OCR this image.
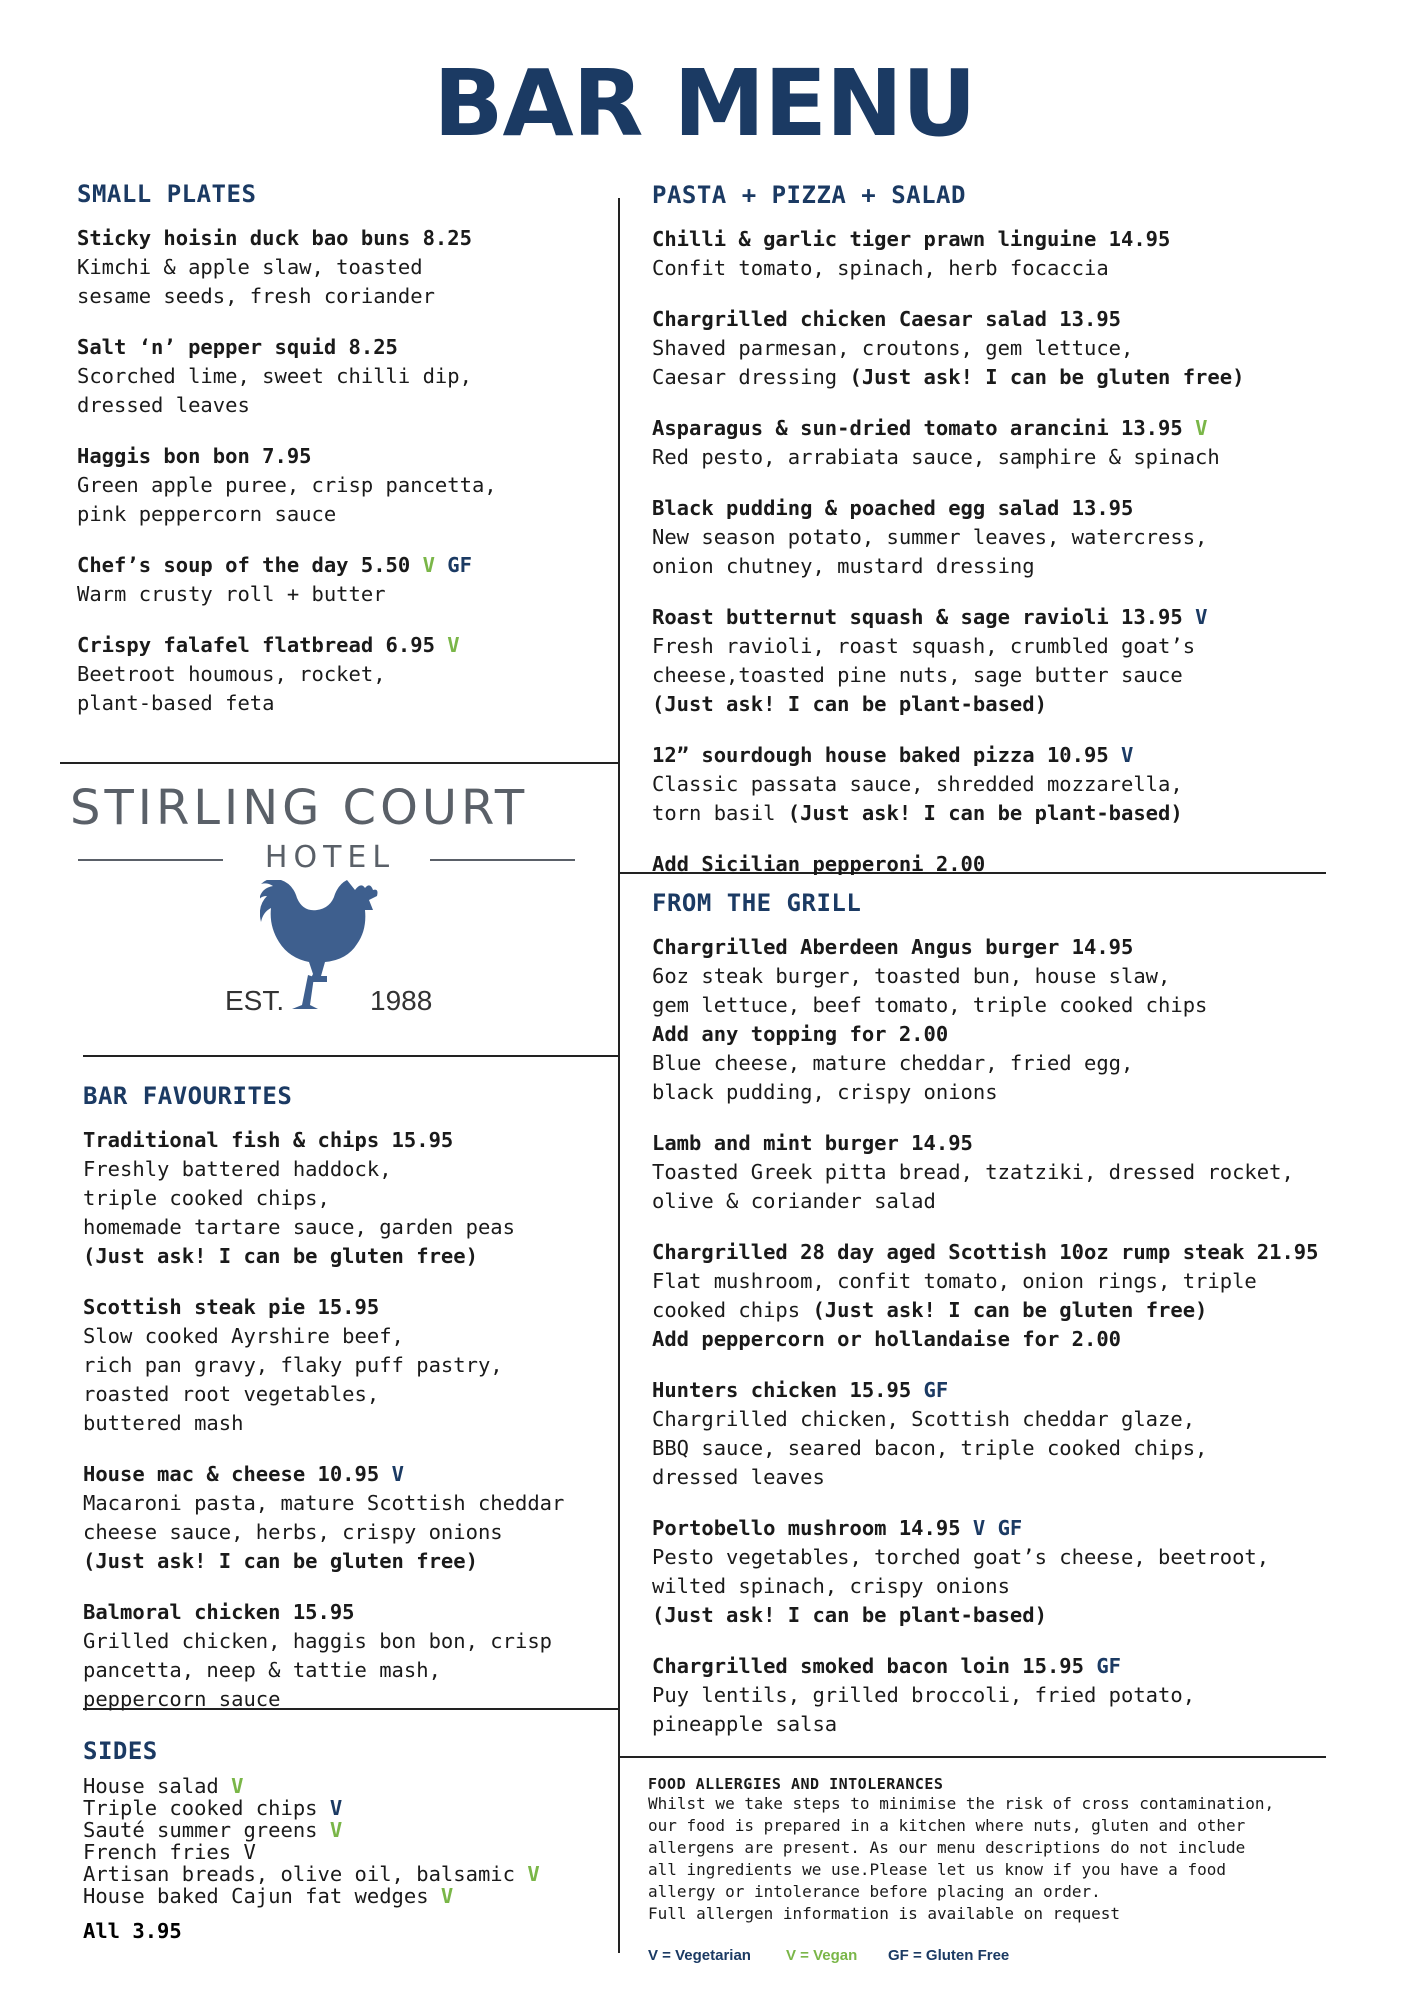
BAR MENU
SMALL PLATES
Sticky hoisin duck bao buns 8.25
Kimchi & apple slaw, toasted
sesame seeds, fresh coriander
Salt ‘n’ pepper squid 8.25
Scorched lime, sweet chilli dip,
dressed leaves
Haggis bon bon 7.95
Green apple puree, crisp pancetta,
pink peppercorn sauce
Chef’s soup of the day 5.50 V GF
Warm crusty roll + butter
Crispy falafel flatbread 6.95 V
Beetroot houmous, rocket,
plant-based feta
STIRLING COURT
HOTEL
EST.	1988
BAR FAVOURITES
Traditional fish & chips 15.95
Freshly battered haddock,
triple cooked chips,
homemade tartare sauce, garden peas
(Just ask! I can be gluten free)
Scottish steak pie 15.95
Slow cooked Ayrshire beef,
rich pan gravy, flaky puff pastry,
roasted root vegetables,
buttered mash
House mac & cheese 10.95 V
Macaroni pasta, mature Scottish cheddar
cheese sauce, herbs, crispy onions
(Just ask! I can be gluten free)
Balmoral chicken 15.95
Grilled chicken, haggis bon bon, crisp
pancetta, neep & tattie mash,
peppercorn sauce
SIDES
House salad V
Triple cooked chips V
Sauté summer greens V
French fries V
Artisan breads, olive oil, balsamic V
House baked Cajun fat wedges V
All 3.95
PASTA + PIZZA + SALAD
Chilli & garlic tiger prawn linguine 14.95
Confit tomato, spinach, herb focaccia
Chargrilled chicken Caesar salad 13.95
Shaved parmesan, croutons, gem lettuce,
Caesar dressing (Just ask! I can be gluten free)
Asparagus & sun-dried tomato arancini 13.95 V
Red pesto, arrabiata sauce, samphire & spinach
Black pudding & poached egg salad 13.95
New season potato, summer leaves, watercress,
onion chutney, mustard dressing
Roast butternut squash & sage ravioli 13.95 V
Fresh ravioli, roast squash, crumbled goat’s
cheese,toasted pine nuts, sage butter sauce
(Just ask! I can be plant-based)
12” sourdough house baked pizza 10.95 V
Classic passata sauce, shredded mozzarella,
torn basil (Just ask! I can be plant-based)
Add Sicilian pepperoni 2.00
FROM THE GRILL
Chargrilled Aberdeen Angus burger 14.95
6oz steak burger, toasted bun, house slaw,
gem lettuce, beef tomato, triple cooked chips
Add any topping for 2.00
Blue cheese, mature cheddar, fried egg,
black pudding, crispy onions
Lamb and mint burger 14.95
Toasted Greek pitta bread, tzatziki, dressed rocket,
olive & coriander salad
Chargrilled 28 day aged Scottish 10oz rump steak 21.95
Flat mushroom, confit tomato, onion rings, triple
cooked chips (Just ask! I can be gluten free)
Add peppercorn or hollandaise for 2.00
Hunters chicken 15.95 GF
Chargrilled chicken, Scottish cheddar glaze,
BBQ sauce, seared bacon, triple cooked chips,
dressed leaves
Portobello mushroom 14.95 V GF
Pesto vegetables, torched goat’s cheese, beetroot,
wilted spinach, crispy onions
(Just ask! I can be plant-based)
Chargrilled smoked bacon loin 15.95 GF
Puy lentils, grilled broccoli, fried potato,
pineapple salsa
FOOD ALLERGIES AND INTOLERANCES
Whilst we take steps to minimise the risk of cross contamination,
our food is prepared in a kitchen where nuts, gluten and other
allergens are present. As our menu descriptions do not include
all ingredients we use.Please let us know if you have a food
allergy or intolerance before placing an order.
Full allergen information is available on request
V = Vegetarian V = Vegan GF = Gluten Free
